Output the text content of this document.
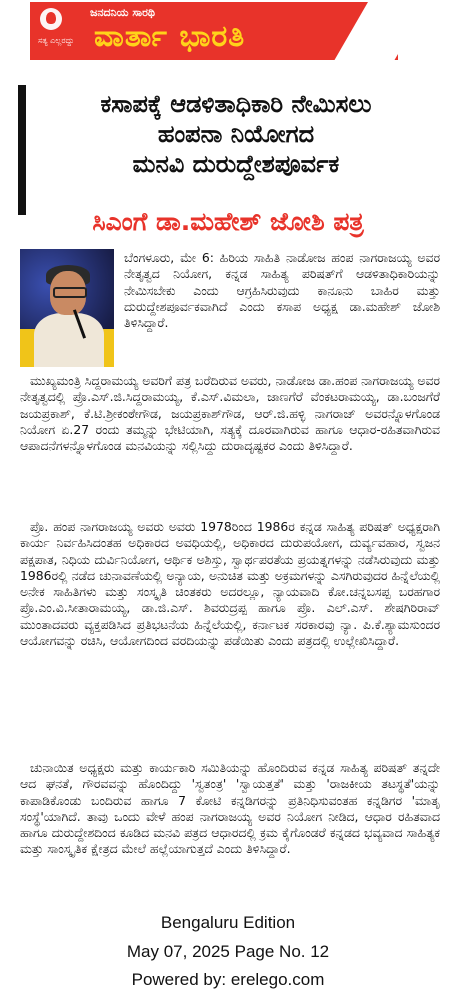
ಸತ್ಯ ಎಲ್ಲರದ್ದು
ಜನದನಿಯ ಸಾರಥಿ
ವಾರ್ತಾ ಭಾರತಿ

ಕಸಾಪಕ್ಕೆ ಆಡಳಿತಾಧಿಕಾರಿ ನೇಮಿಸಲು

ಹಂಪನಾ ನಿಯೋಗದ

ಮನವಿ ದುರುದ್ದೇಶಪೂರ್ವಕ

ಸಿಎಂಗೆ ಡಾ.ಮಹೇಶ್ ಜೋಶಿ ಪತ್ರ

ಬೆಂಗಳೂರು, ಮೇ 6: ಹಿರಿಯ ಸಾಹಿತಿ ನಾಡೋಜ ಹಂಪ ನಾಗರಾಜಯ್ಯ ಅವರ ನೇತೃತ್ವದ ನಿಯೋಗ, ಕನ್ನಡ ಸಾಹಿತ್ಯ ಪರಿಷತ್‌ಗೆ ಆಡಳಿತಾಧಿಕಾರಿಯನ್ನು ನೇಮಿಸಬೇಕು ಎಂದು ಆಗ್ರಹಿಸಿರುವುದು ಕಾನೂನು ಬಾಹಿರ ಮತ್ತು ದುರುದ್ದೇಶಪೂರ್ವಕವಾಗಿದೆ ಎಂದು ಕಸಾಪ ಅಧ್ಯಕ್ಷ ಡಾ.ಮಹೇಶ್ ಜೋಶಿ ತಿಳಿಸಿದ್ದಾರೆ.

ಮುಖ್ಯಮಂತ್ರಿ ಸಿದ್ದರಾಮಯ್ಯ ಅವರಿಗೆ ಪತ್ರ ಬರೆದಿರುವ ಅವರು, ನಾಡೋಜ ಡಾ.ಹಂಪ ನಾಗರಾಜಯ್ಯ ಅವರ ನೇತೃತ್ವದಲ್ಲಿ ಪ್ರೊ.ಎಸ್.ಜಿ.ಸಿದ್ದರಾಮಯ್ಯ, ಕೆ.ಎಸ್.ವಿಮಲಾ, ಜಾಣಗೆರೆ ವೆಂಕಟರಾಮಯ್ಯ, ಡಾ.ಬಂಜಗೆರೆ ಜಯಪ್ರಕಾಶ್, ಕೆ.ಟಿ.ಶ್ರೀಕಂಠೇಗೌಡ, ಜಯಪ್ರಕಾಶ್‌ಗೌಡ, ಆರ್.ಜಿ.ಹಳ್ಳಿ ನಾಗರಾಜ್ ಅವರನ್ನೊಳಗೊಂಡ ನಿಯೋಗ ಏ.27 ರಂದು ತಮ್ಮನ್ನು ಭೇಟಿಯಾಗಿ, ಸತ್ಯಕ್ಕೆ ದೂರವಾಗಿರುವ ಹಾಗೂ ಆಧಾರ-ರಹಿತವಾಗಿರುವ ಆಪಾದನೆಗಳನ್ನೊಳಗೊಂಡ ಮನವಿಯನ್ನು ಸಲ್ಲಿಸಿದ್ದು ದುರಾದೃಷ್ಟಕರ ಎಂದು ತಿಳಿಸಿದ್ದಾರೆ.

ಪ್ರೊ. ಹಂಪ ನಾಗರಾಜಯ್ಯ ಅವರು ಅವರು 1978ರಿಂದ 1986ರ ಕನ್ನಡ ಸಾಹಿತ್ಯ ಪರಿಷತ್ ಅಧ್ಯಕ್ಷರಾಗಿ ಕಾರ್ಯ ನಿರ್ವಹಿಸಿದಂತಹ ಅಧಿಕಾರದ ಅವಧಿಯಲ್ಲಿ, ಅಧಿಕಾರದ ದುರುಪಯೋಗ, ದುರ್ವ್ಯವಹಾರ, ಸ್ವಜನ ಪಕ್ಷಪಾತ, ನಿಧಿಯ ದುರ್ವಿನಿಯೋಗ, ಆರ್ಥಿಕ ಅಶಿಸ್ತು, ಸ್ವಾರ್ಥಪರತೆಯ ಪ್ರಯತ್ನಗಳನ್ನು ನಡೆಸಿರುವುದು ಮತ್ತು 1986ರಲ್ಲಿ ನಡೆದ ಚುನಾವಣೆಯಲ್ಲಿ ಅನ್ಯಾಯ, ಅನುಚಿತ ಮತ್ತು ಅಕ್ರಮಗಳನ್ನು ಎಸಗಿರುವುದರ ಹಿನ್ನೆಲೆಯಲ್ಲಿ ಅನೇಕ ಸಾಹಿತಿಗಳು ಮತ್ತು ಸಂಸ್ಕೃತಿ ಚಿಂತಕರು ಅದರಲ್ಲೂ, ನ್ಯಾಯವಾದಿ ಕೋ.ಚನ್ನಬಸಪ್ಪ ಬರಹಗಾರ ಪ್ರೊ.ಎಂ.ವಿ.ಸೀತಾರಾಮಯ್ಯ, ಡಾ.ಜಿ.ಎಸ್. ಶಿವರುದ್ರಪ್ಪ ಹಾಗೂ ಪ್ರೊ. ಎಲ್.ಎಸ್. ಶೇಷಗಿರಿರಾವ್ ಮುಂತಾದವರು ವ್ಯಕ್ತಪಡಿಸಿದ ಪ್ರತಿಭಟನೆಯ ಹಿನ್ನೆಲೆಯಲ್ಲಿ, ಕರ್ನಾಟಕ ಸರಕಾರವು ನ್ಯಾ. ಪಿ.ಕೆ.ಶ್ಯಾಮಸುಂದರ ಆಯೋಗವನ್ನು ರಚಿಸಿ, ಆಯೋಗದಿಂದ ವರದಿಯನ್ನು ಪಡೆಯಿತು ಎಂದು ಪತ್ರದಲ್ಲಿ ಉಲ್ಲೇಖಿಸಿದ್ದಾರೆ.

ಚುನಾಯಿತ ಅಧ್ಯಕ್ಷರು ಮತ್ತು ಕಾರ್ಯಕಾರಿ ಸಮಿತಿಯನ್ನು ಹೊಂದಿರುವ ಕನ್ನಡ ಸಾಹಿತ್ಯ ಪರಿಷತ್ ತನ್ನದೇ ಆದ ಘನತೆ, ಗೌರವವನ್ನು ಹೊಂದಿದ್ದು 'ಸ್ವತಂತ್ರ' 'ಸ್ವಾಯತ್ತತೆ' ಮತ್ತು 'ರಾಜಕೀಯ ತಟಸ್ಥತೆ'ಯನ್ನು ಕಾಪಾಡಿಕೊಂಡು ಬಂದಿರುವ ಹಾಗೂ 7 ಕೋಟಿ ಕನ್ನಡಿಗರನ್ನು ಪ್ರತಿನಿಧಿಸುವಂತಹ ಕನ್ನಡಿಗರ 'ಮಾತೃ ಸಂಸ್ಥೆ'ಯಾಗಿದೆ. ತಾವು ಒಂದು ವೇಳೆ ಹಂಪ ನಾಗರಾಜಯ್ಯ ಅವರ ನಿಯೋಗ ನೀಡಿದ, ಆಧಾರ ರಹಿತವಾದ ಹಾಗೂ ದುರುದ್ದೇಶದಿಂದ ಕೂಡಿದ ಮನವಿ ಪತ್ರದ ಆಧಾರದಲ್ಲಿ ಕ್ರಮ ಕೈಗೊಂಡರೆ ಕನ್ನಡದ ಭವ್ಯವಾದ ಸಾಹಿತ್ಯಕ ಮತ್ತು ಸಾಂಸ್ಕೃತಿಕ ಕ್ಷೇತ್ರದ ಮೇಲೆ ಹಲ್ಲೆಯಾಗುತ್ತದೆ ಎಂದು ತಿಳಿಸಿದ್ದಾರೆ.

Bengaluru Edition
May 07, 2025 Page No. 12
Powered by: erelego.com
